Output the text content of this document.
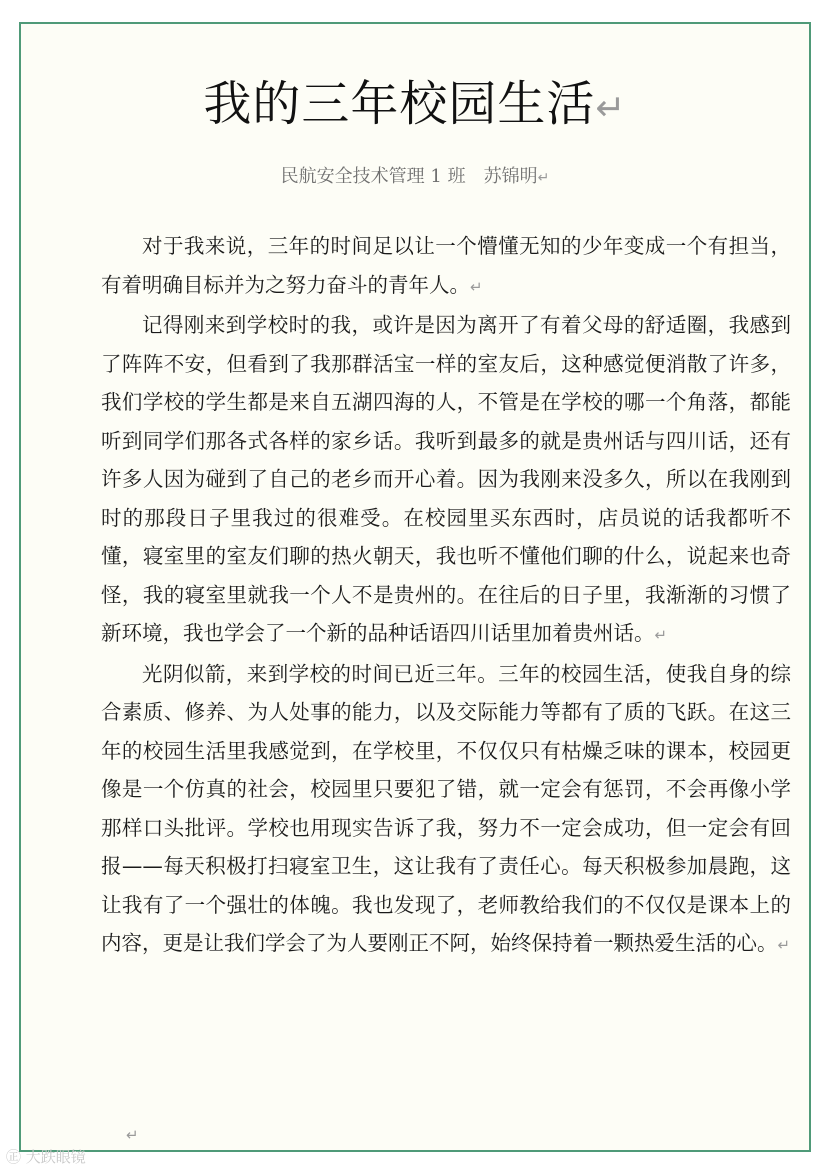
我的三年校园生活↵
民航安全技术管理 1 班 苏锦明↵

对于我来说，三年的时间足以让一个懵懂无知的少年变成一个有担当，有着明确目标并为之努力奋斗的青年人。↵

记得刚来到学校时的我，或许是因为离开了有着父母的舒适圈，我感到了阵阵不安，但看到了我那群活宝一样的室友后，这种感觉便消散了许多，我们学校的学生都是来自五湖四海的人，不管是在学校的哪一个角落，都能听到同学们那各式各样的家乡话。我听到最多的就是贵州话与四川话，还有许多人因为碰到了自己的老乡而开心着。因为我刚来没多久，所以在我刚到时的那段日子里我过的很难受。在校园里买东西时，店员说的话我都听不懂，寝室里的室友们聊的热火朝天，我也听不懂他们聊的什么，说起来也奇怪，我的寝室里就我一个人不是贵州的。在往后的日子里，我渐渐的习惯了新环境，我也学会了一个新的品种话语四川话里加着贵州话。↵

光阴似箭，来到学校的时间已近三年。三年的校园生活，使我自身的综合素质、修养、为人处事的能力，以及交际能力等都有了质的飞跃。在这三年的校园生活里我感觉到，在学校里，不仅仅只有枯燥乏味的课本，校园更像是一个仿真的社会，校园里只要犯了错，就一定会有惩罚，不会再像小学那样口头批评。学校也用现实告诉了我，努力不一定会成功，但一定会有回报——每天积极打扫寝室卫生，这让我有了责任心。每天积极参加晨跑，这让我有了一个强壮的体魄。我也发现了，老师教给我们的不仅仅是课本上的内容，更是让我们学会了为人要刚正不阿，始终保持着一颗热爱生活的心。↵

↵
㊣ 大跌眼镜
